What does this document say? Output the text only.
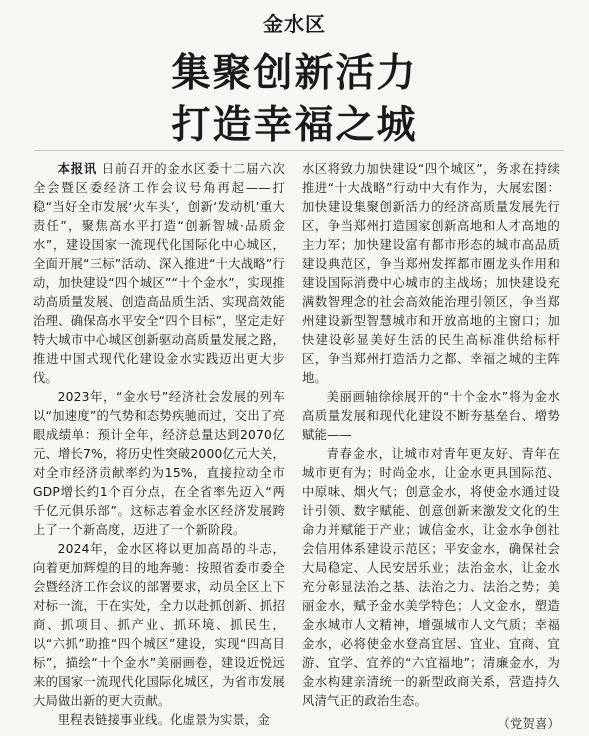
金水区
集聚创新活力
打造幸福之城

本报讯 日前召开的金水区委十二届六次全会暨区委经济工作会议号角再起——打稳“当好全市发展‘火车头’，创新‘发动机’重大责任”，聚焦高水平打造“创新智城·品质金水”，建设国家一流现代化国际化中心城区，全面开展“三标”活动、深入推进“十大战略”行动，加快建设“四个城区”“十个金水”，实现推动高质量发展、创造高品质生活、实现高效能治理、确保高水平安全“四个目标”，坚定走好特大城市中心城区创新驱动高质量发展之路，推进中国式现代化建设金水实践迈出更大步伐。

2023年，“金水号”经济社会发展的列车以“加速度”的气势和态势疾驰而过，交出了亮眼成绩单：预计全年，经济总量达到2070亿元、增长7%，将历史性突破2000亿元大关，对全市经济贡献率约为15%，直接拉动全市GDP增长约1个百分点，在全省率先迈入“两千亿元俱乐部”。这标志着金水区经济发展跨上了一个新高度，迈进了一个新阶段。

2024年，金水区将以更加高昂的斗志，向着更加辉煌的目的地奔驰：按照省委市委全会暨经济工作会议的部署要求，动员全区上下对标一流，干在实处，全力以赴抓创新、抓招商、抓项目、抓产业、抓环境、抓民生，以“六抓”助推“四个城区”建设，实现“四高目标”，描绘“十个金水”美丽画卷，建设近悦远来的国家一流现代化国际化城区，为省市发展大局做出新的更大贡献。

里程表链接事业线。化虚景为实景，金

水区将致力加快建设“四个城区”，务求在持续推进“十大战略”行动中大有作为，大展宏图：加快建设集聚创新活力的经济高质量发展先行区，争当郑州打造国家创新高地和人才高地的主力军；加快建设富有都市形态的城市高品质建设典范区，争当郑州发挥都市圈龙头作用和建设国际消费中心城市的主战场；加快建设充满数智理念的社会高效能治理引领区，争当郑州建设新型智慧城市和开放高地的主窗口；加快建设彰显美好生活的民生高标准供给标杆区，争当郑州打造活力之都、幸福之城的主阵地。

美丽画轴徐徐展开的“十个金水”将为金水高质量发展和现代化建设不断夯基垒台、增势赋能——

青春金水，让城市对青年更友好、青年在城市更有为；时尚金水，让金水更具国际范、中原味、烟火气；创意金水，将使金水通过设计引领、数字赋能、创意创新来激发文化的生命力并赋能于产业；诚信金水，让金水争创社会信用体系建设示范区；平安金水，确保社会大局稳定、人民安居乐业；法治金水，让金水充分彰显法治之基、法治之力、法治之势；美丽金水，赋予金水美学特色；人文金水，塑造金水城市人文精神，增强城市人文气质；幸福金水，必将使金水登高宜居、宜业、宜商、宜游、宜学、宜养的“六宜福地”；清廉金水，为金水构建亲清统一的新型政商关系，营造持久风清气正的政治生态。

（党贺喜）
